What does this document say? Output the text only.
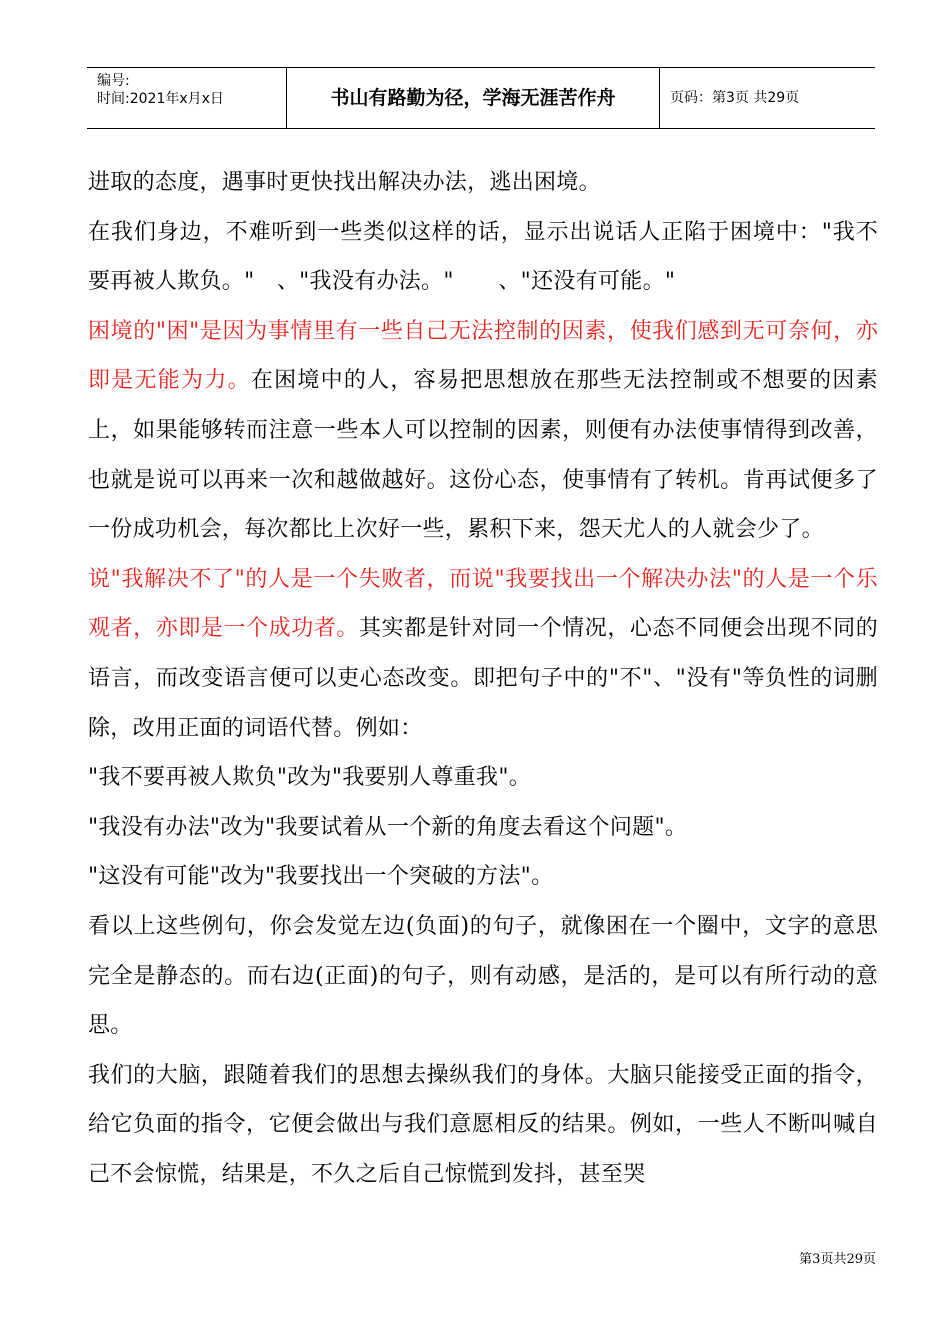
编号:
时间:2021年x月x日	书山有路勤为径，学海无涯苦作舟	页码：第3页 共29页

进取的态度，遇事时更快找出解决办法，逃出困境。

在我们身边，不难听到一些类似这样的话，显示出说话人正陷于困境中："我不要再被人欺负。"　、"我没有办法。"　　、"还没有可能。"

困境的"困"是因为事情里有一些自己无法控制的因素，使我们感到无可奈何，亦即是无能为力。在困境中的人，容易把思想放在那些无法控制或不想要的因素上，如果能够转而注意一些本人可以控制的因素，则便有办法使事情得到改善，也就是说可以再来一次和越做越好。这份心态，使事情有了转机。肯再试便多了一份成功机会，每次都比上次好一些，累积下来，怨天尤人的人就会少了。

说"我解决不了"的人是一个失败者，而说"我要找出一个解决办法"的人是一个乐观者，亦即是一个成功者。其实都是针对同一个情况，心态不同便会出现不同的语言，而改变语言便可以吏心态改变。即把句子中的"不"、"没有"等负性的词删除，改用正面的词语代替。例如：

"我不要再被人欺负"改为"我要别人尊重我"。

"我没有办法"改为"我要试着从一个新的角度去看这个问题"。

"这没有可能"改为"我要找出一个突破的方法"。

看以上这些例句，你会发觉左边(负面)的句子，就像困在一个圈中，文字的意思完全是静态的。而右边(正面)的句子，则有动感，是活的，是可以有所行动的意思。

我们的大脑，跟随着我们的思想去操纵我们的身体。大脑只能接受正面的指令，给它负面的指令，它便会做出与我们意愿相反的结果。例如，一些人不断叫喊自己不会惊慌，结果是，不久之后自己惊慌到发抖，甚至哭

第3页共29页
